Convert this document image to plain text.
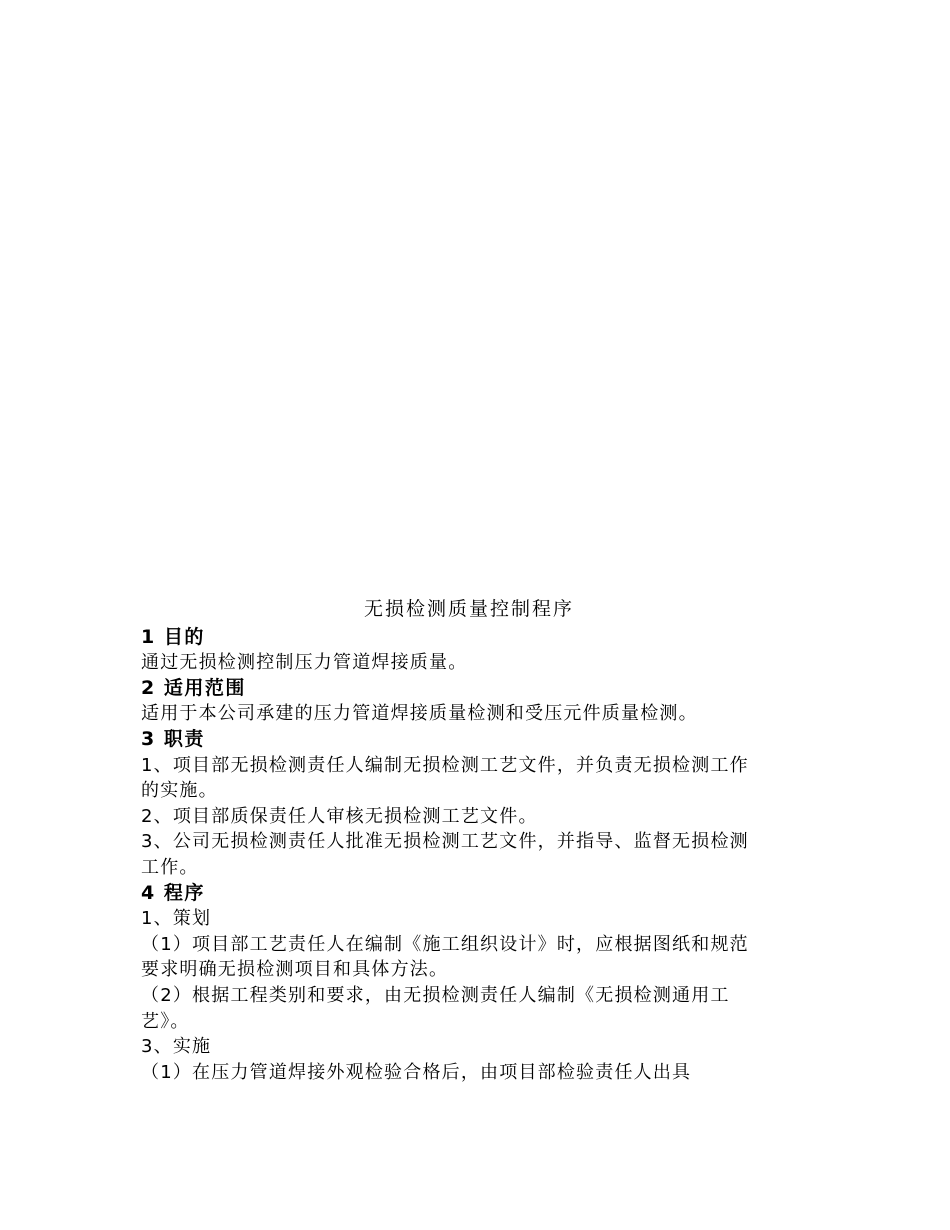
无损检测质量控制程序
1 目的
通过无损检测控制压力管道焊接质量。
2 适用范围
适用于本公司承建的压力管道焊接质量检测和受压元件质量检测。
3 职责
1、项目部无损检测责任人编制无损检测工艺文件，并负责无损检测工作的实施。
2、项目部质保责任人审核无损检测工艺文件。
3、公司无损检测责任人批准无损检测工艺文件，并指导、监督无损检测工作。
4 程序
1、策划
（1）项目部工艺责任人在编制《施工组织设计》时，应根据图纸和规范要求明确无损检测项目和具体方法。
（2）根据工程类别和要求，由无损检测责任人编制《无损检测通用工艺》。
3、实施
（1）在压力管道焊接外观检验合格后，由项目部检验责任人出具
